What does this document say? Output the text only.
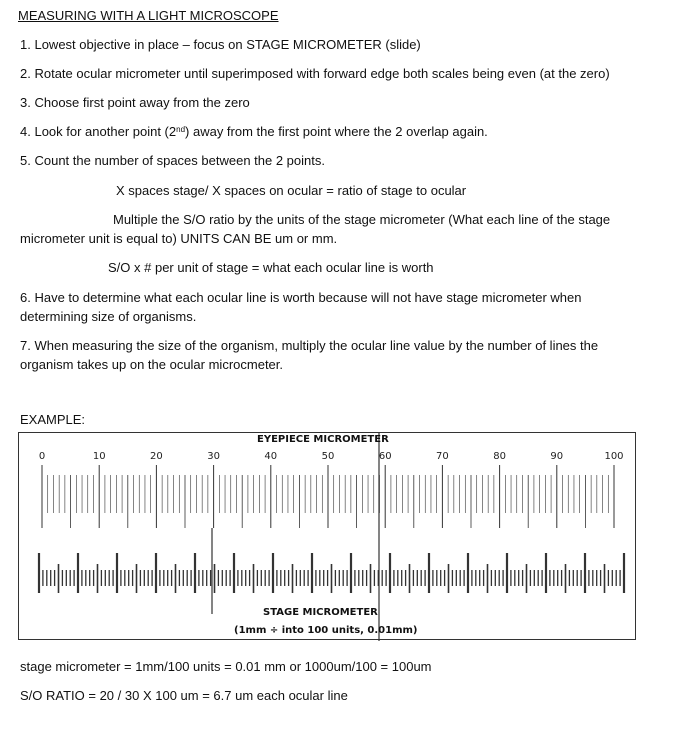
MEASURING WITH A LIGHT MICROSCOPE
1. Lowest objective in place – focus on STAGE MICROMETER (slide)
2. Rotate ocular micrometer until superimposed with forward edge both scales being even (at the zero)
3. Choose first point away from the zero
4. Look for another point (2nd) away from the first point where the 2 overlap again.
5. Count the number of spaces between the 2 points.
X spaces stage/ X spaces on ocular = ratio of stage to ocular
Multiple the S/O ratio by the units of the stage micrometer (What each line of the stage
micrometer unit is equal to) UNITS CAN BE um or mm.
S/O x # per unit of stage = what each ocular line is worth
6. Have to determine what each ocular line is worth because will not have stage micrometer when determining size of organisms.
7. When measuring the size of the organism, multiply the ocular line value by the number of lines the organism takes up on the ocular microcmeter.
EXAMPLE:
0	10	20	30	40	50	60	70	80	90	100
EYEPIECE MICROMETER
STAGE MICROMETER
(1mm ÷ into 100 units, 0.01mm)
stage micrometer = 1mm/100 units = 0.01 mm or 1000um/100 = 100um
S/O RATIO = 20 / 30 X 100 um = 6.7 um each ocular line
